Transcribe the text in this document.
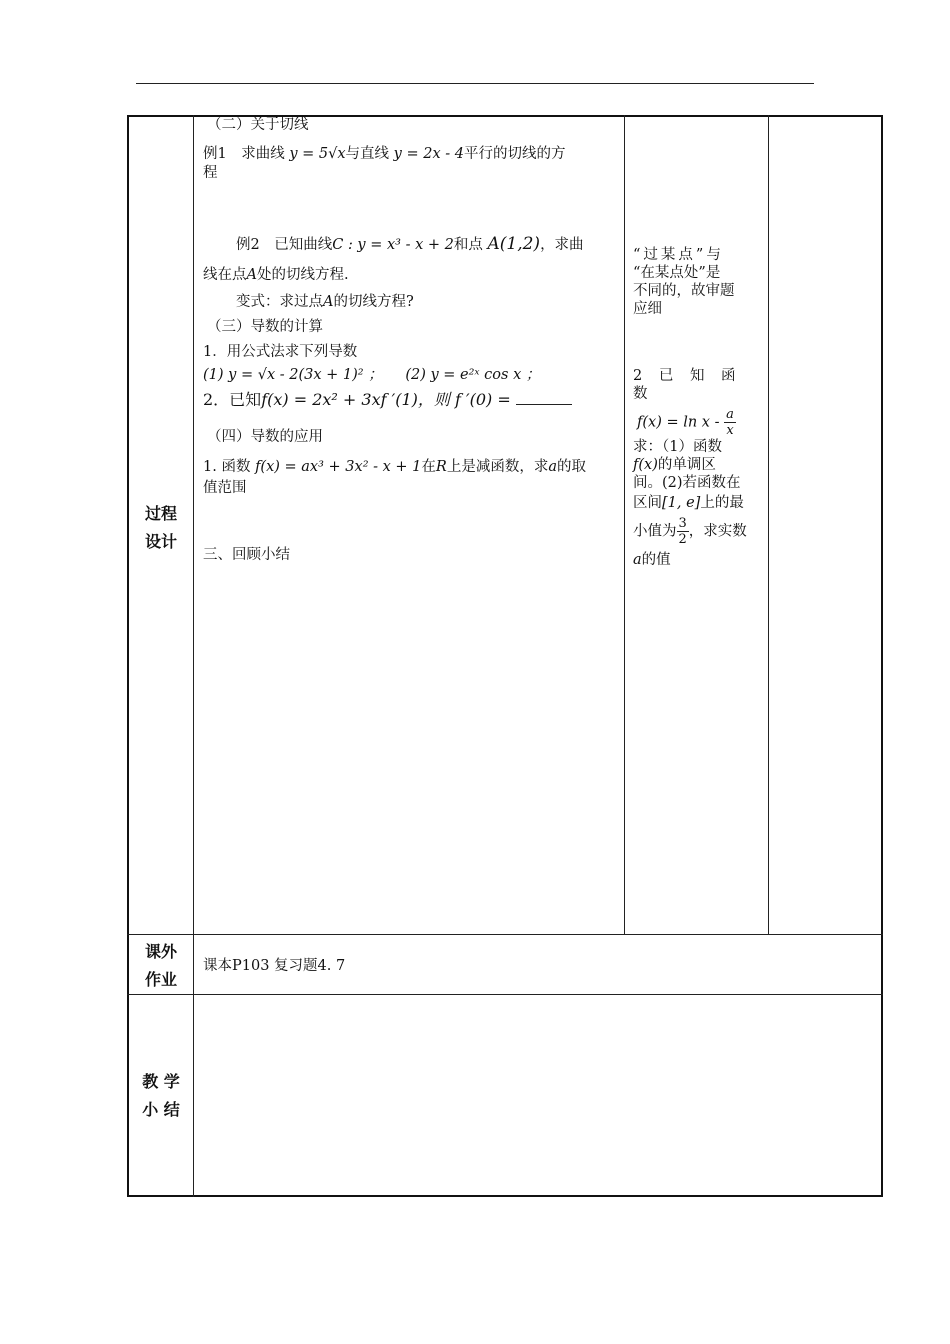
过程
设计
课外
作业
教 学
小 结
（二）关于切线
例1　求曲线 y = 5√x与直线 y = 2x - 4平行的切线的方
程
例2　已知曲线C : y = x³ - x + 2和点 A(1,2)，求曲
线在点A处的切线方程.
变式：求过点A的切线方程?
（三）导数的计算
1．用公式法求下列导数
(1) y = √x - 2(3x + 1)² ； (2) y = e²ˣ cos x ；
2．已知f(x) = 2x² + 3xf ′(1)，则 f ′(0) =
（四）导数的应用
1. 函数 f(x) = ax³ + 3x² - x + 1在R上是减函数，求a的取
值范围
三、回顾小结
“过某点”与
“在某点处”是
不同的，故审题
应细
2 已 知 函 数
$f(x) = \ln x - \frac{a}{x}$
求：（1）函数
f(x)的单调区
间。(2)若函数在
区间[1, e]上的最
小值为 $\frac{3}{2}$ ，求实数
a的值
课本P103 复习题4. 7
